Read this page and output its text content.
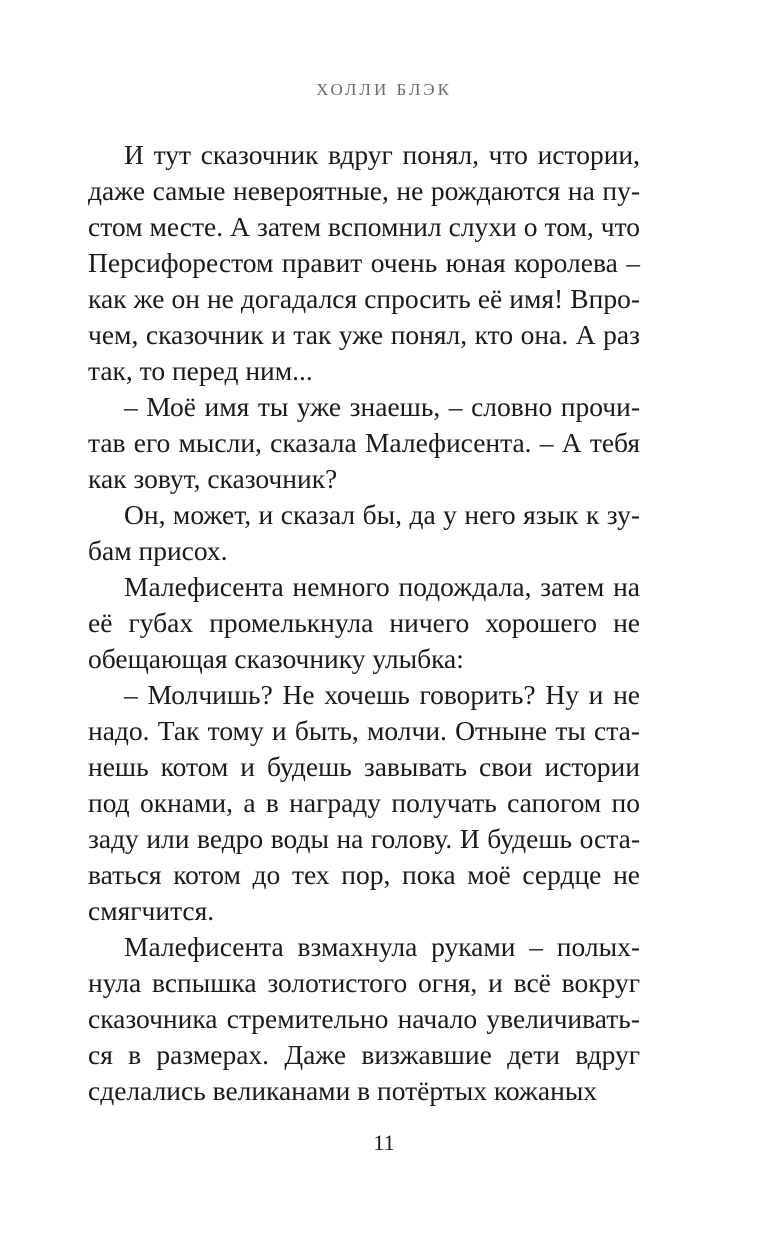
ХОЛЛИ БЛЭК

И тут сказочник вдруг понял, что истории, даже самые невероятные, не рождаются на пустом месте. А затем вспомнил слухи о том, что Персифорестом правит очень юная королева – как же он не догадался спросить её имя! Впрочем, сказочник и так уже понял, кто она. А раз так, то перед ним...

– Моё имя ты уже знаешь, – словно прочитав его мысли, сказала Малефисента. – А тебя как зовут, сказочник?

Он, может, и сказал бы, да у него язык к зубам присох.

Малефисента немного подождала, затем на её губах промелькнула ничего хорошего не обещающая сказочнику улыбка:

– Молчишь? Не хочешь говорить? Ну и не надо. Так тому и быть, молчи. Отныне ты станешь котом и будешь завывать свои истории под окнами, а в награду получать сапогом по заду или ведро воды на голову. И будешь оставаться котом до тех пор, пока моё сердце не смягчится.

Малефисента взмахнула руками – полыхнула вспышка золотистого огня, и всё вокруг сказочника стремительно начало увеличиваться в размерах. Даже визжавшие дети вдруг сделались великанами в потёртых кожаных

11
